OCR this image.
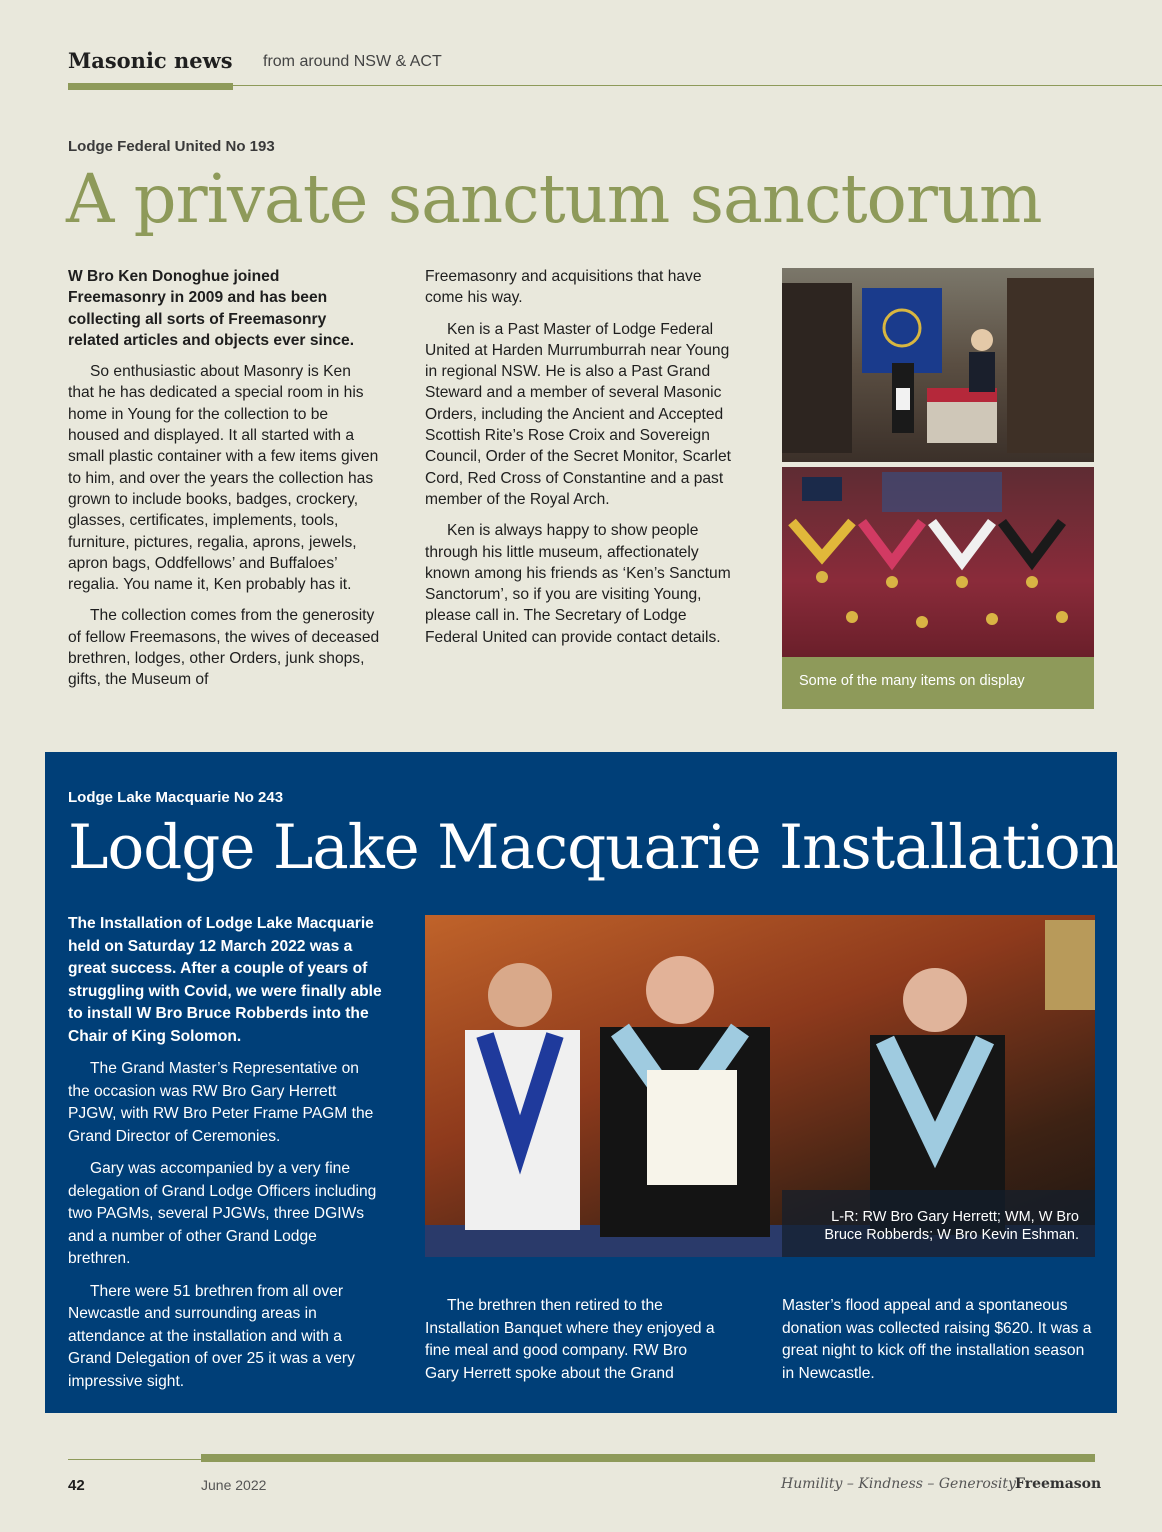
Masonic news from around NSW & ACT
Lodge Federal United No 193
A private sanctum sanctorum

W Bro Ken Donoghue joined Freemasonry in 2009 and has been collecting all sorts of Freemasonry related articles and objects ever since.

So enthusiastic about Masonry is Ken that he has dedicated a special room in his home in Young for the collection to be housed and displayed. It all started with a small plastic container with a few items given to him, and over the years the collection has grown to include books, badges, crockery, glasses, certificates, implements, tools, furniture, pictures, regalia, aprons, jewels, apron bags, Oddfellows’ and Buffaloes’ regalia. You name it, Ken probably has it.

The collection comes from the generosity of fellow Freemasons, the wives of deceased brethren, lodges, other Orders, junk shops, gifts, the Museum of

Freemasonry and acquisitions that have come his way.

Ken is a Past Master of Lodge Federal United at Harden Murrumburrah near Young in regional NSW. He is also a Past Grand Steward and a member of several Masonic Orders, including the Ancient and Accepted Scottish Rite’s Rose Croix and Sovereign Council, Order of the Secret Monitor, Scarlet Cord, Red Cross of Constantine and a past member of the Royal Arch.

Ken is always happy to show people through his little museum, affectionately known among his friends as ‘Ken’s Sanctum Sanctorum’, so if you are visiting Young, please call in. The Secretary of Lodge Federal United can provide contact details.

Some of the many items on display
Lodge Lake Macquarie No 243
Lodge Lake Macquarie Installation

The Installation of Lodge Lake Macquarie held on Saturday 12 March 2022 was a great success. After a couple of years of struggling with Covid, we were finally able to install W Bro Bruce Robberds into the Chair of King Solomon.

The Grand Master’s Representative on the occasion was RW Bro Gary Herrett PJGW, with RW Bro Peter Frame PAGM the Grand Director of Ceremonies.

Gary was accompanied by a very fine delegation of Grand Lodge Officers including two PAGMs, several PJGWs, three DGIWs and a number of other Grand Lodge brethren.

There were 51 brethren from all over Newcastle and surrounding areas in attendance at the installation and with a Grand Delegation of over 25 it was a very impressive sight.

L-R: RW Bro Gary Herrett; WM, W Bro Bruce Robberds; W Bro Kevin Eshman.

The brethren then retired to the Installation Banquet where they enjoyed a fine meal and good company. RW Bro Gary Herrett spoke about the Grand

Master’s flood appeal and a spontaneous donation was collected raising $620. It was a great night to kick off the installation season in Newcastle.

42	June 2022	Humility – Kindness – Generosity Freemason
